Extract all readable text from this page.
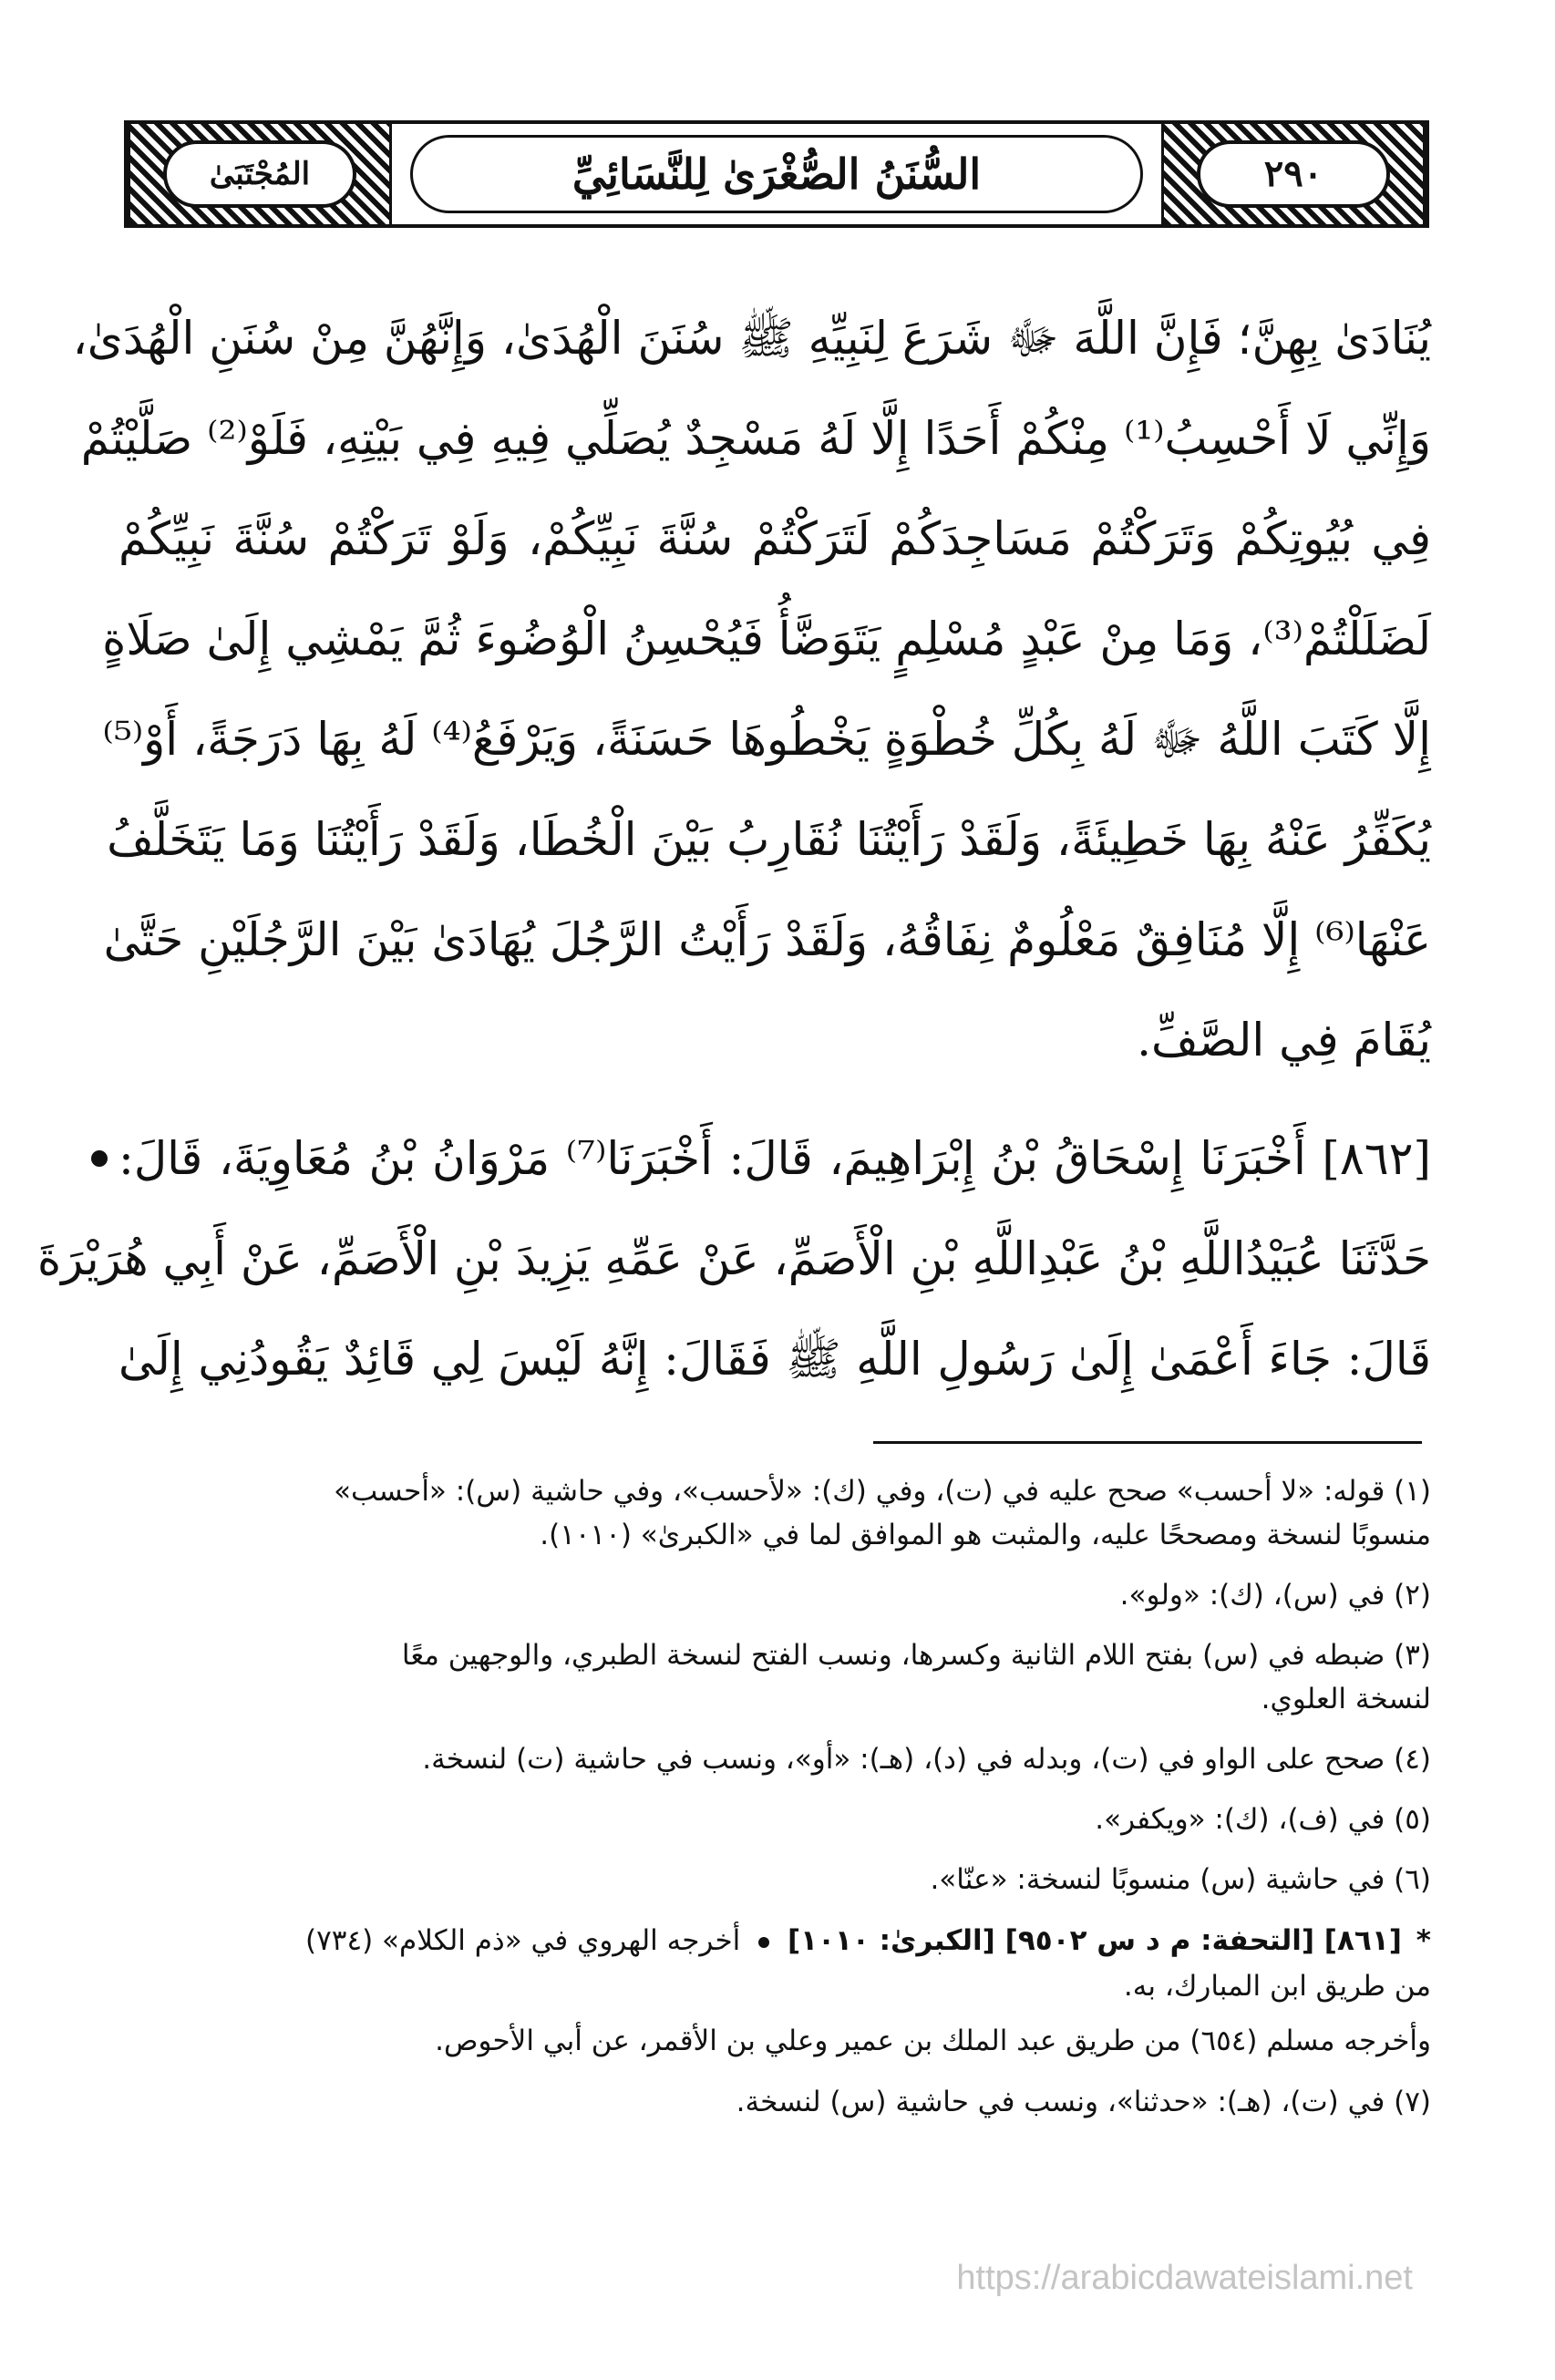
٢٩٠
السُّنَنُ الصُّغْرَىٰ لِلنَّسَائِيِّ
المُجْتَبَىٰ
يُنَادَىٰ بِهِنَّ؛ فَإِنَّ اللَّهَ ﷻ شَرَعَ لِنَبِيِّهِ ﷺ سُنَنَ الْهُدَىٰ، وَإِنَّهُنَّ مِنْ سُنَنِ الْهُدَىٰ،
وَإِنِّي لَا أَحْسِبُ⁽¹⁾ مِنْكُمْ أَحَدًا إِلَّا لَهُ مَسْجِدٌ يُصَلِّي فِيهِ فِي بَيْتِهِ، فَلَوْ⁽²⁾ صَلَّيْتُمْ
فِي بُيُوتِكُمْ وَتَرَكْتُمْ مَسَاجِدَكُمْ لَتَرَكْتُمْ سُنَّةَ نَبِيِّكُمْ، وَلَوْ تَرَكْتُمْ سُنَّةَ نَبِيِّكُمْ
لَضَلَلْتُمْ⁽³⁾، وَمَا مِنْ عَبْدٍ مُسْلِمٍ يَتَوَضَّأُ فَيُحْسِنُ الْوُضُوءَ ثُمَّ يَمْشِي إِلَىٰ صَلَاةٍ
إِلَّا كَتَبَ اللَّهُ ﷻ لَهُ بِكُلِّ خُطْوَةٍ يَخْطُوهَا حَسَنَةً، وَيَرْفَعُ⁽⁴⁾ لَهُ بِهَا دَرَجَةً، أَوْ⁽⁵⁾
يُكَفِّرُ عَنْهُ بِهَا خَطِيئَةً، وَلَقَدْ رَأَيْتُنَا نُقَارِبُ بَيْنَ الْخُطَا، وَلَقَدْ رَأَيْتُنَا وَمَا يَتَخَلَّفُ
عَنْهَا⁽⁶⁾ إِلَّا مُنَافِقٌ مَعْلُومٌ نِفَاقُهُ، وَلَقَدْ رَأَيْتُ الرَّجُلَ يُهَادَىٰ بَيْنَ الرَّجُلَيْنِ حَتَّىٰ
يُقَامَ فِي الصَّفِّ.
[٨٦٢] أَخْبَرَنَا إِسْحَاقُ بْنُ إِبْرَاهِيمَ، قَالَ: أَخْبَرَنَا⁽⁷⁾ مَرْوَانُ بْنُ مُعَاوِيَةَ، قَالَ:
حَدَّثَنَا عُبَيْدُاللَّهِ بْنُ عَبْدِاللَّهِ بْنِ الْأَصَمِّ، عَنْ عَمِّهِ يَزِيدَ بْنِ الْأَصَمِّ، عَنْ أَبِي هُرَيْرَةَ
قَالَ: جَاءَ أَعْمَىٰ إِلَىٰ رَسُولِ اللَّهِ ﷺ فَقَالَ: إِنَّهُ لَيْسَ لِي قَائِدٌ يَقُودُنِي إِلَىٰ
(١) قوله: «لا أحسب» صحح عليه في (ت)، وفي (ك): «لأحسب»، وفي حاشية (س): «أحسب»
منسوبًا لنسخة ومصححًا عليه، والمثبت هو الموافق لما في «الكبرىٰ» (١٠١٠).
(٢) في (س)، (ك): «ولو».
(٣) ضبطه في (س) بفتح اللام الثانية وكسرها، ونسب الفتح لنسخة الطبري، والوجهين معًا
لنسخة العلوي.
(٤) صحح على الواو في (ت)، وبدله في (د)، (هـ): «أو»، ونسب في حاشية (ت) لنسخة.
(٥) في (ف)، (ك): «ويكفر».
(٦) في حاشية (س) منسوبًا لنسخة: «عنّا».
* [٨٦١] [التحفة: م د س ٩٥٠٢] [الكبرىٰ: ١٠١٠]  أخرجه الهروي في «ذم الكلام» (٧٣٤)
من طريق ابن المبارك، به.
وأخرجه مسلم (٦٥٤) من طريق عبد الملك بن عمير وعلي بن الأقمر، عن أبي الأحوص.
(٧) في (ت)، (هـ): «حدثنا»، ونسب في حاشية (س) لنسخة.
https://arabicdawateislami.net
